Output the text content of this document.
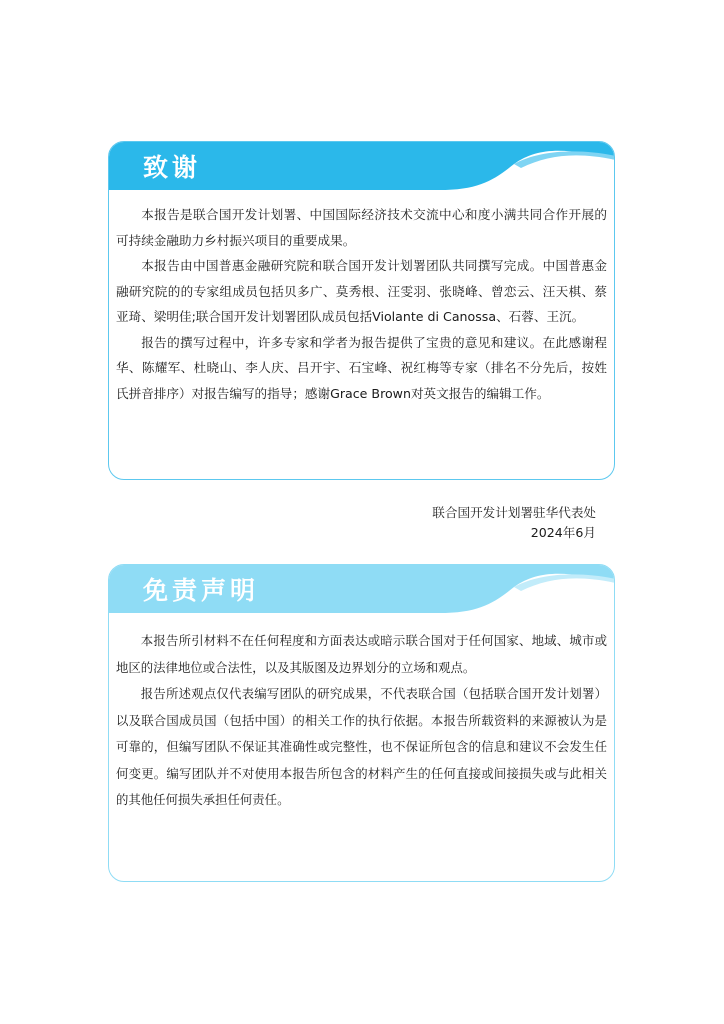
致谢

本报告是联合国开发计划署、中国国际经济技术交流中心和度小满共同合作开展的可持续金融助力乡村振兴项目的重要成果。

本报告由中国普惠金融研究院和联合国开发计划署团队共同撰写完成。中国普惠金融研究院的的专家组成员包括贝多广、莫秀根、汪雯羽、张晓峰、曾恋云、汪天棋、蔡亚琦、梁明佳;联合国开发计划署团队成员包括Violante di Canossa、石蓉、王沉。

报告的撰写过程中，许多专家和学者为报告提供了宝贵的意见和建议。在此感谢程华、陈耀军、杜晓山、李人庆、吕开宇、石宝峰、祝红梅等专家（排名不分先后，按姓氏拼音排序）对报告编写的指导；感谢Grace Brown对英文报告的编辑工作。

联合国开发计划署驻华代表处
2024年6月
免责声明

本报告所引材料不在任何程度和方面表达或暗示联合国对于任何国家、地域、城市或地区的法律地位或合法性，以及其版图及边界划分的立场和观点。

报告所述观点仅代表编写团队的研究成果，不代表联合国（包括联合国开发计划署）以及联合国成员国（包括中国）的相关工作的执行依据。本报告所载资料的来源被认为是可靠的，但编写团队不保证其准确性或完整性，也不保证所包含的信息和建议不会发生任何变更。编写团队并不对使用本报告所包含的材料产生的任何直接或间接损失或与此相关的其他任何损失承担任何责任。
